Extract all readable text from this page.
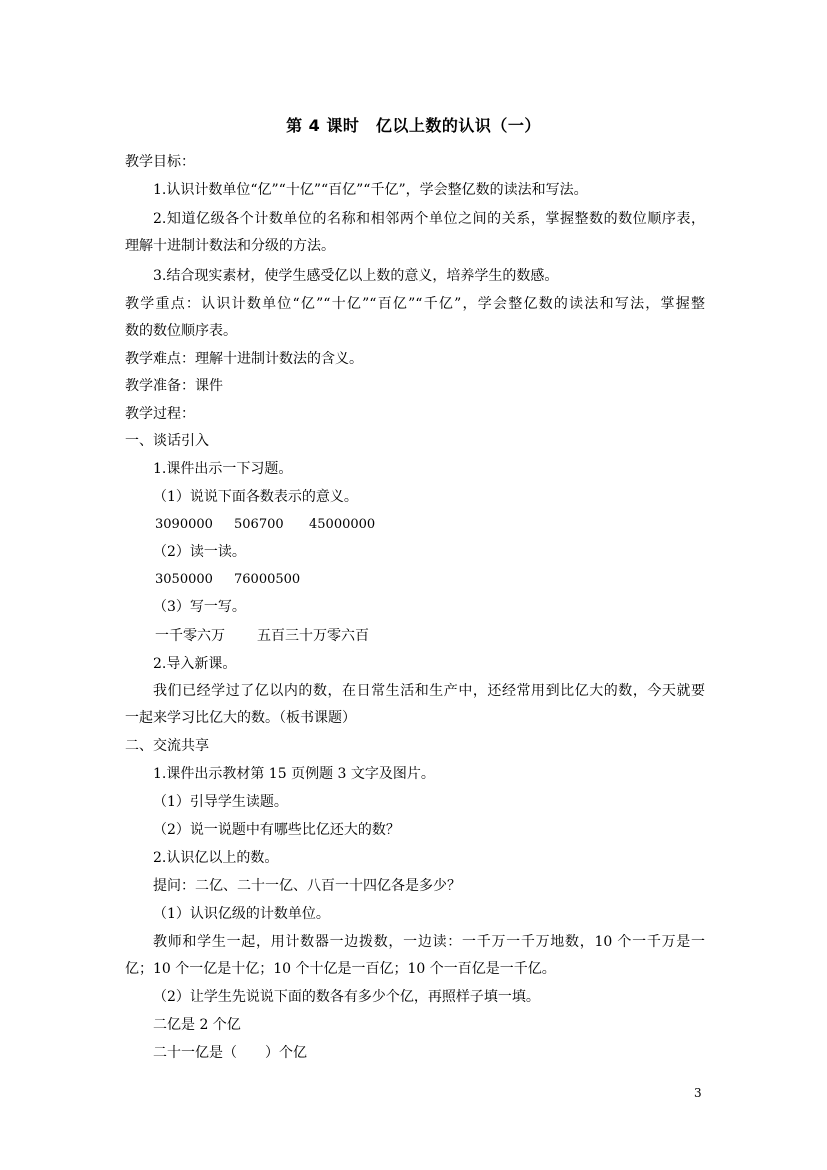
第 4 课时　亿以上数的认识（一）
教学目标：
1.认识计数单位“亿”“十亿”“百亿”“千亿”，学会整亿数的读法和写法。
2.知道亿级各个计数单位的名称和相邻两个单位之间的关系，掌握整数的数位顺序表，
理解十进制计数法和分级的方法。
3.结合现实素材，使学生感受亿以上数的意义，培养学生的数感。
教学重点：认识计数单位“亿”“十亿”“百亿”“千亿”，学会整亿数的读法和写法，掌握整
数的数位顺序表。
教学难点：理解十进制计数法的含义。
教学准备：课件
教学过程：
一、谈话引入
1.课件出示一下习题。
（1）说说下面各数表示的意义。
3090000 506700 45000000
（2）读一读。
3050000 76000500
（3）写一写。
一千零六万 五百三十万零六百
2.导入新课。
我们已经学过了亿以内的数，在日常生活和生产中，还经常用到比亿大的数，今天就要
一起来学习比亿大的数。（板书课题）
二、交流共享
1.课件出示教材第 15 页例题 3 文字及图片。
（1）引导学生读题。
（2）说一说题中有哪些比亿还大的数？
2.认识亿以上的数。
提问：二亿、二十一亿、八百一十四亿各是多少？
（1）认识亿级的计数单位。
教师和学生一起，用计数器一边拨数，一边读：一千万一千万地数，10 个一千万是一
亿；10 个一亿是十亿；10 个十亿是一百亿；10 个一百亿是一千亿。
（2）让学生先说说下面的数各有多少个亿，再照样子填一填。
二亿是 2 个亿
二十一亿是（　　）个亿
3
